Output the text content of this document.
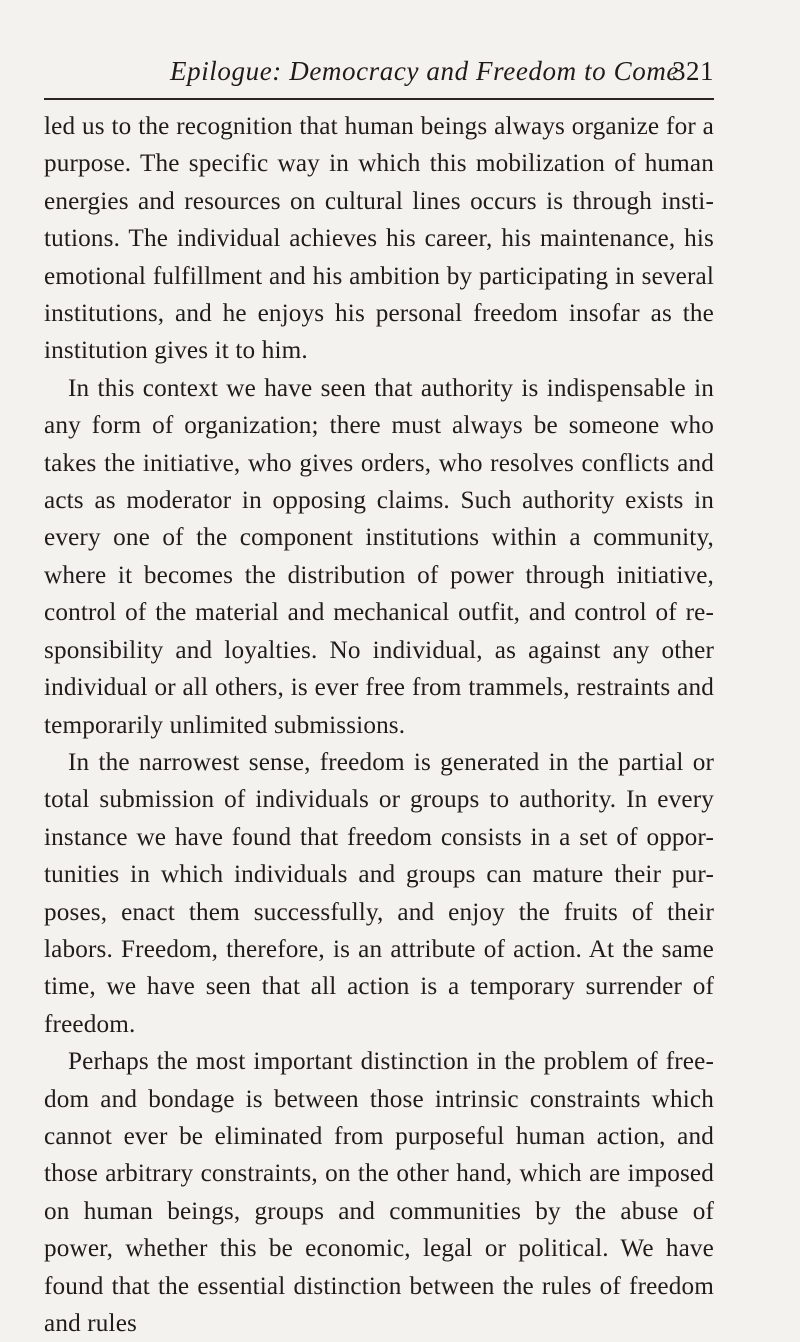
Epilogue: Democracy and Freedom to Come
321

led us to the recognition that human beings always organize for a purpose. The specific way in which this mobilization of human energies and resources on cultural lines occurs is through insti- tutions. The individual achieves his career, his maintenance, his emotional fulfillment and his ambition by participating in several institutions, and he enjoys his personal freedom insofar as the institution gives it to him.

In this context we have seen that authority is indispensable in any form of organization; there must always be someone who takes the initiative, who gives orders, who resolves conflicts and acts as moderator in opposing claims. Such authority exists in every one of the component institutions within a community, where it becomes the distribution of power through initiative, control of the material and mechanical outfit, and control of re- sponsibility and loyalties. No individual, as against any other individual or all others, is ever free from trammels, restraints and temporarily unlimited submissions.

In the narrowest sense, freedom is generated in the partial or total submission of individuals or groups to authority. In every instance we have found that freedom consists in a set of oppor- tunities in which individuals and groups can mature their pur- poses, enact them successfully, and enjoy the fruits of their labors. Freedom, therefore, is an attribute of action. At the same time, we have seen that all action is a temporary surrender of freedom.

Perhaps the most important distinction in the problem of free- dom and bondage is between those intrinsic constraints which cannot ever be eliminated from purposeful human action, and those arbitrary constraints, on the other hand, which are imposed on human beings, groups and communities by the abuse of power, whether this be economic, legal or political. We have found that the essential distinction between the rules of freedom and rules
